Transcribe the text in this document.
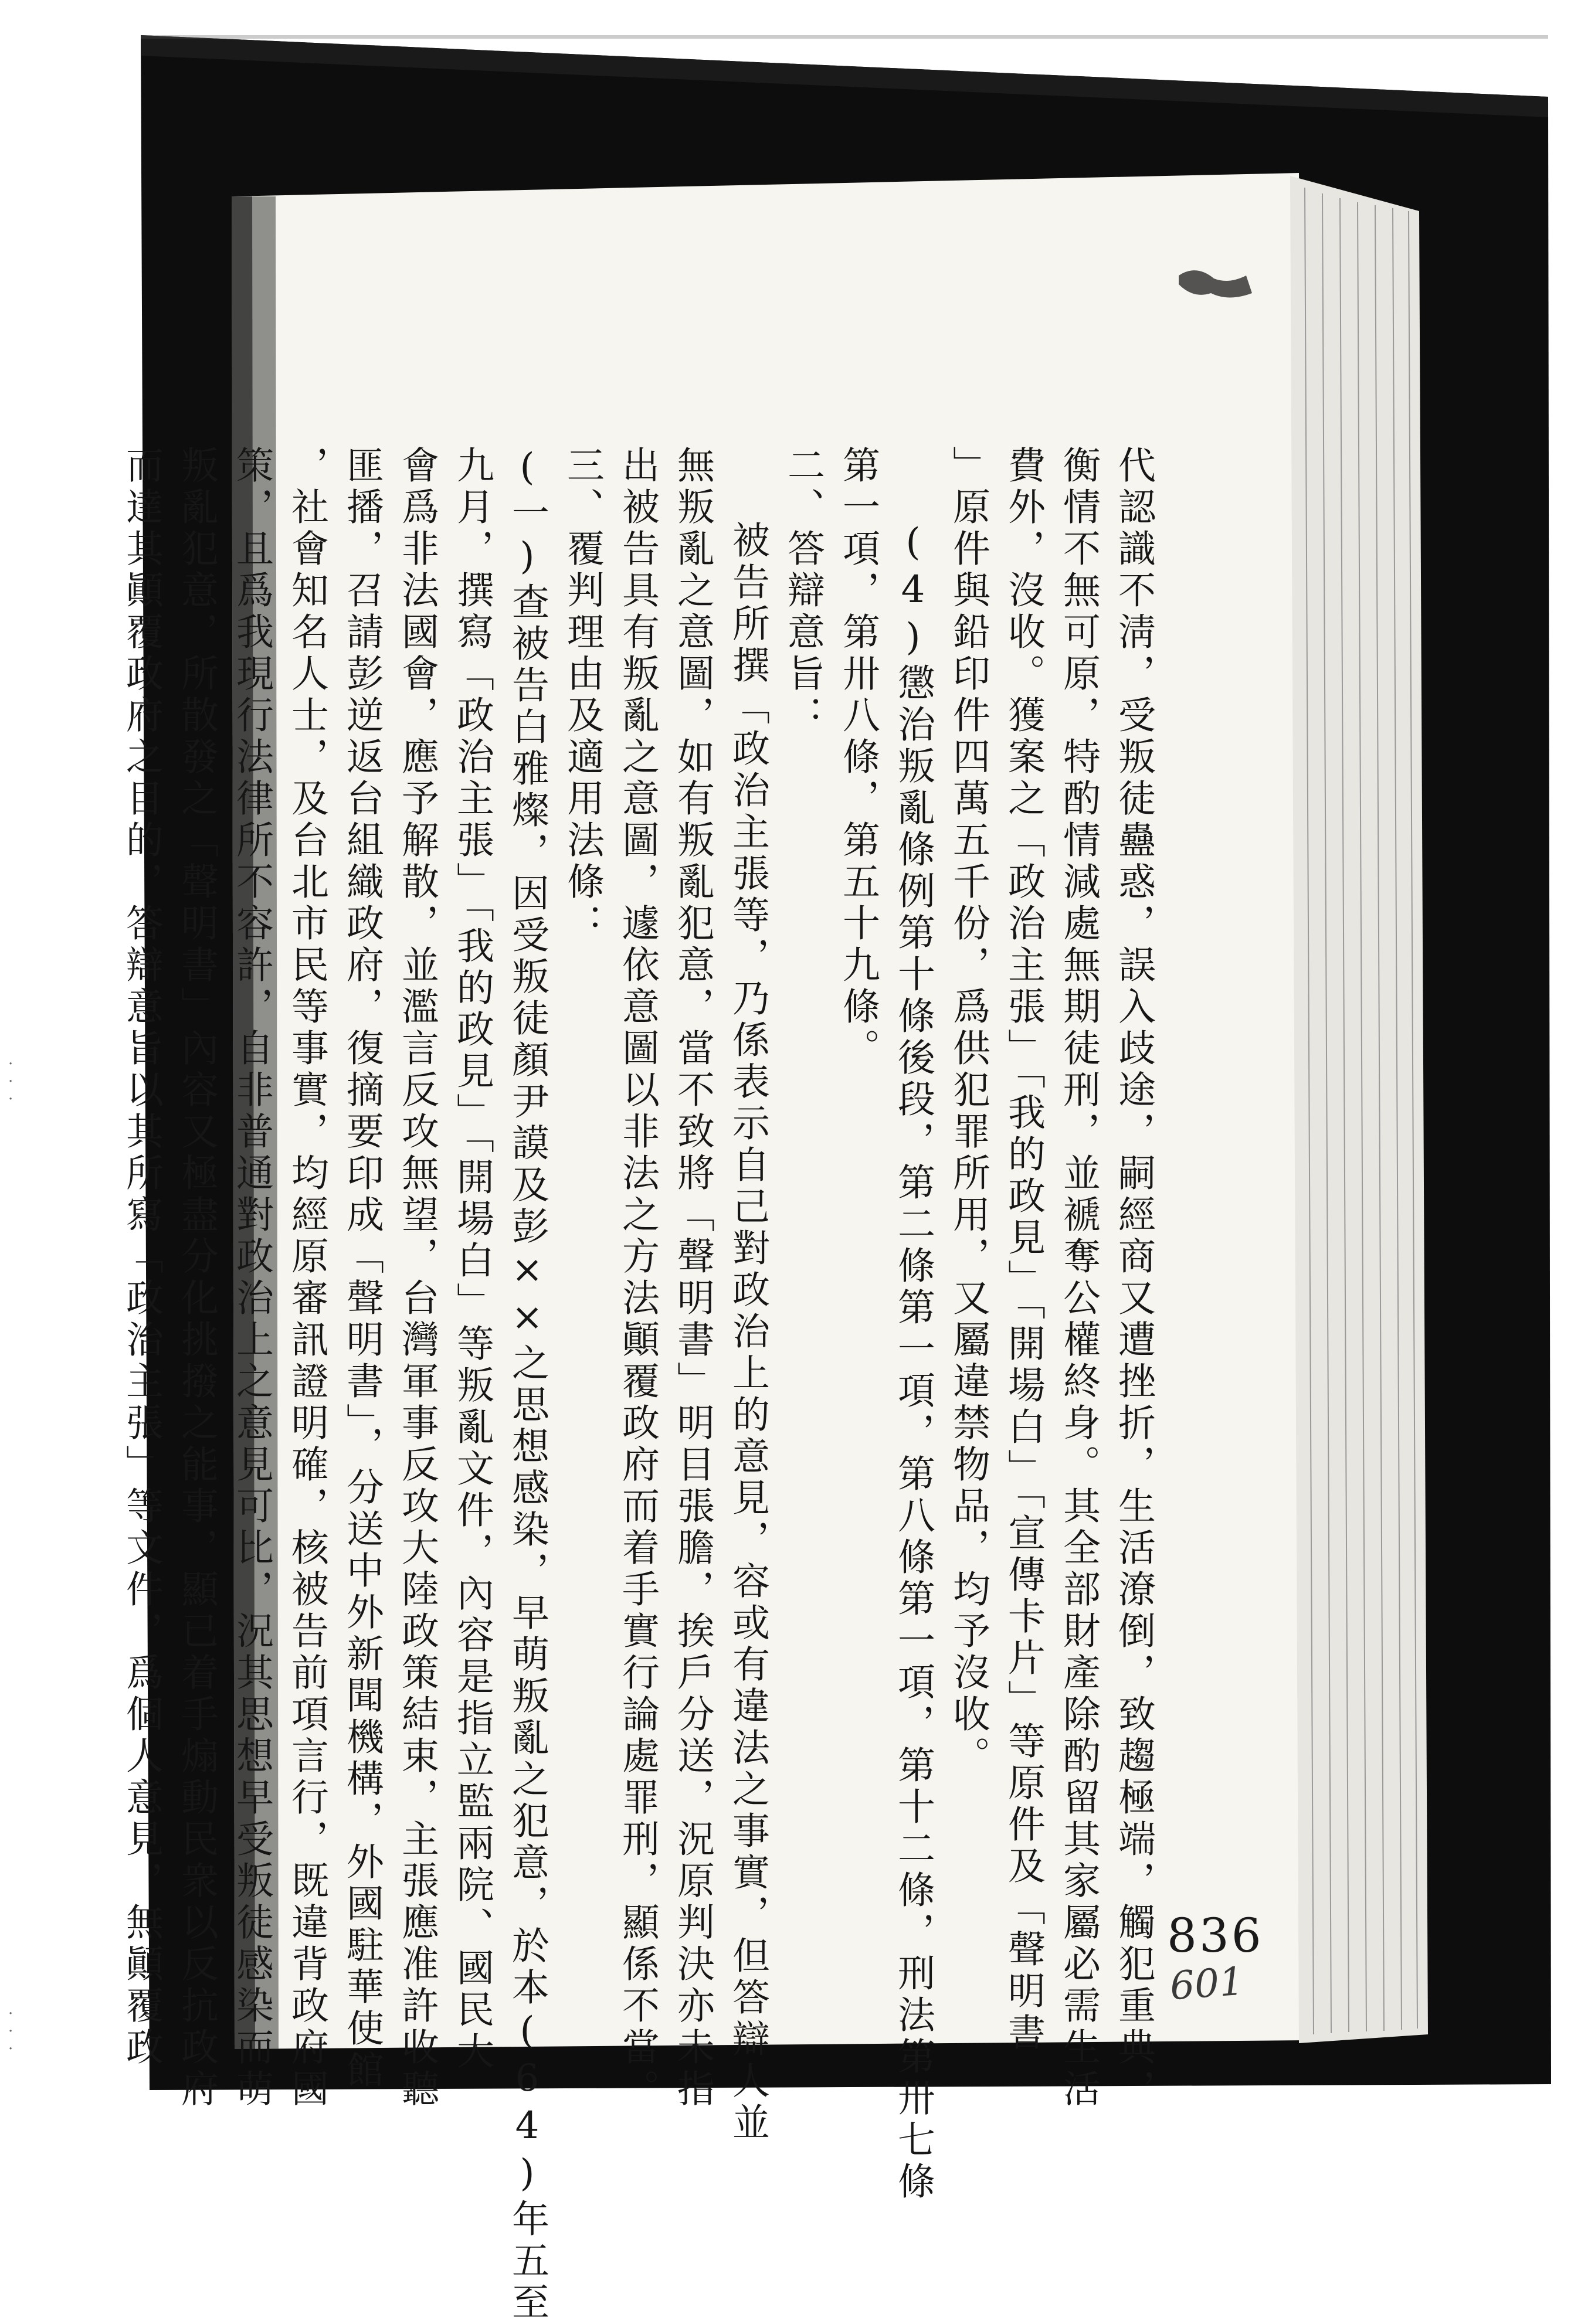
代認識不淸，受叛徒蠱惑，誤入歧途，嗣經商又遭挫折，生活潦倒，致趨極端，觸犯重典，
衡情不無可原，特酌情減處無期徒刑，並褫奪公權終身。其全部財產除酌留其家屬必需生活
費外，沒收。獲案之「政治主張」「我的政見」「開場白」「宣傳卡片」等原件及「聲明書
」原件與鉛印件四萬五千份，爲供犯罪所用，又屬違禁物品，均予沒收。
(4)懲治叛亂條例第十條後段，第二條第一項，第八條第一項，第十二條，刑法第卅七條
第一項，第卅八條，第五十九條。
二、答辯意旨：
被告所撰「政治主張等，乃係表示自己對政治上的意見，容或有違法之事實，但答辯人並
無叛亂之意圖，如有叛亂犯意，當不致將「聲明書」明目張膽，挨戶分送，況原判決亦未指
出被告具有叛亂之意圖，遽依意圖以非法之方法顚覆政府而着手實行論處罪刑，顯係不當。
三、覆判理由及適用法條：
(一)查被告白雅燦，因受叛徒顏尹謨及彭××之思想感染，早萌叛亂之犯意，於本(64)年五至
九月，撰寫「政治主張」「我的政見」「開場白」等叛亂文件，內容是指立監兩院、國民大
會爲非法國會，應予解散，並濫言反攻無望，台灣軍事反攻大陸政策結束，主張應准許收聽
匪播，召請彭逆返台組織政府，復摘要印成「聲明書」，分送中外新聞機構，外國駐華使館
，社會知名人士，及台北市民等事實，均經原審訊證明確，核被告前項言行，既違背政府國
策，且爲我現行法律所不容許，自非普通對政治上之意見可比，況其思想早受叛徒感染而萌
叛亂犯意，所散發之「聲明書」內容又極盡分化挑撥之能事，顯已着手煽動民衆以反抗政府
而達其顚覆政府之目的，答辯意旨以其所寫「政治主張」等文件，爲個人意見，無顚覆政	836
601
·
·
·
·
·
·
